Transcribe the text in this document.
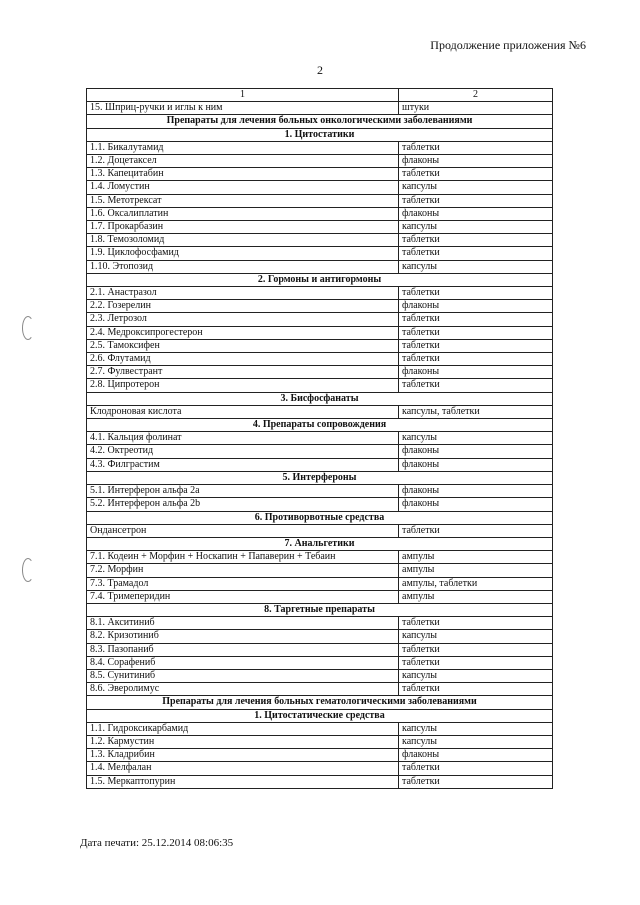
Продолжение приложения №6
2
1	2
15. Шприц-ручки и иглы к ним	штуки
Препараты для лечения больных онкологическими заболеваниями	
1. Цитостатики	
1.1. Бикалутамид	таблетки
1.2. Доцетаксел	флаконы
1.3. Капецитабин	таблетки
1.4. Ломустин	капсулы
1.5. Метотрексат	таблетки
1.6. Оксалиплатин	флаконы
1.7. Прокарбазин	капсулы
1.8. Темозоломид	таблетки
1.9. Циклофосфамид	таблетки
1.10. Этопозид	капсулы
2. Гормоны и антигормоны	
2.1. Анастразол	таблетки
2.2. Гозерелин	флаконы
2.3. Летрозол	таблетки
2.4. Медроксипрогестерон	таблетки
2.5. Тамоксифен	таблетки
2.6. Флутамид	таблетки
2.7. Фулвестрант	флаконы
2.8. Ципротерон	таблетки
3. Бисфосфанаты	
Клодроновая кислота	капсулы, таблетки
4. Препараты сопровождения	
4.1. Кальция фолинат	капсулы
4.2. Октреотид	флаконы
4.3. Филграстим	флаконы
5. Интерфероны	
5.1. Интерферон альфа 2а	флаконы
5.2. Интерферон альфа 2b	флаконы
6. Противорвотные средства	
Ондансетрон	таблетки
7. Анальгетики	
7.1. Кодеин + Морфин + Носкапин + Папаверин + Тебаин	ампулы
7.2. Морфин	ампулы
7.3. Трамадол	ампулы, таблетки
7.4. Тримеперидин	ампулы
8. Таргетные препараты	
8.1. Акситиниб	таблетки
8.2. Кризотиниб	капсулы
8.3. Пазопаниб	таблетки
8.4. Сорафениб	таблетки
8.5. Сунитиниб	капсулы
8.6. Эверолимус	таблетки
Препараты для лечения больных гематологическими заболеваниями	
1. Цитостатические средства	
1.1. Гидроксикарбамид	капсулы
1.2. Кармустин	капсулы
1.3. Кладрибин	флаконы
1.4. Мелфалан	таблетки
1.5. Меркаптопурин	таблетки
Дата печати: 25.12.2014 08:06:35
